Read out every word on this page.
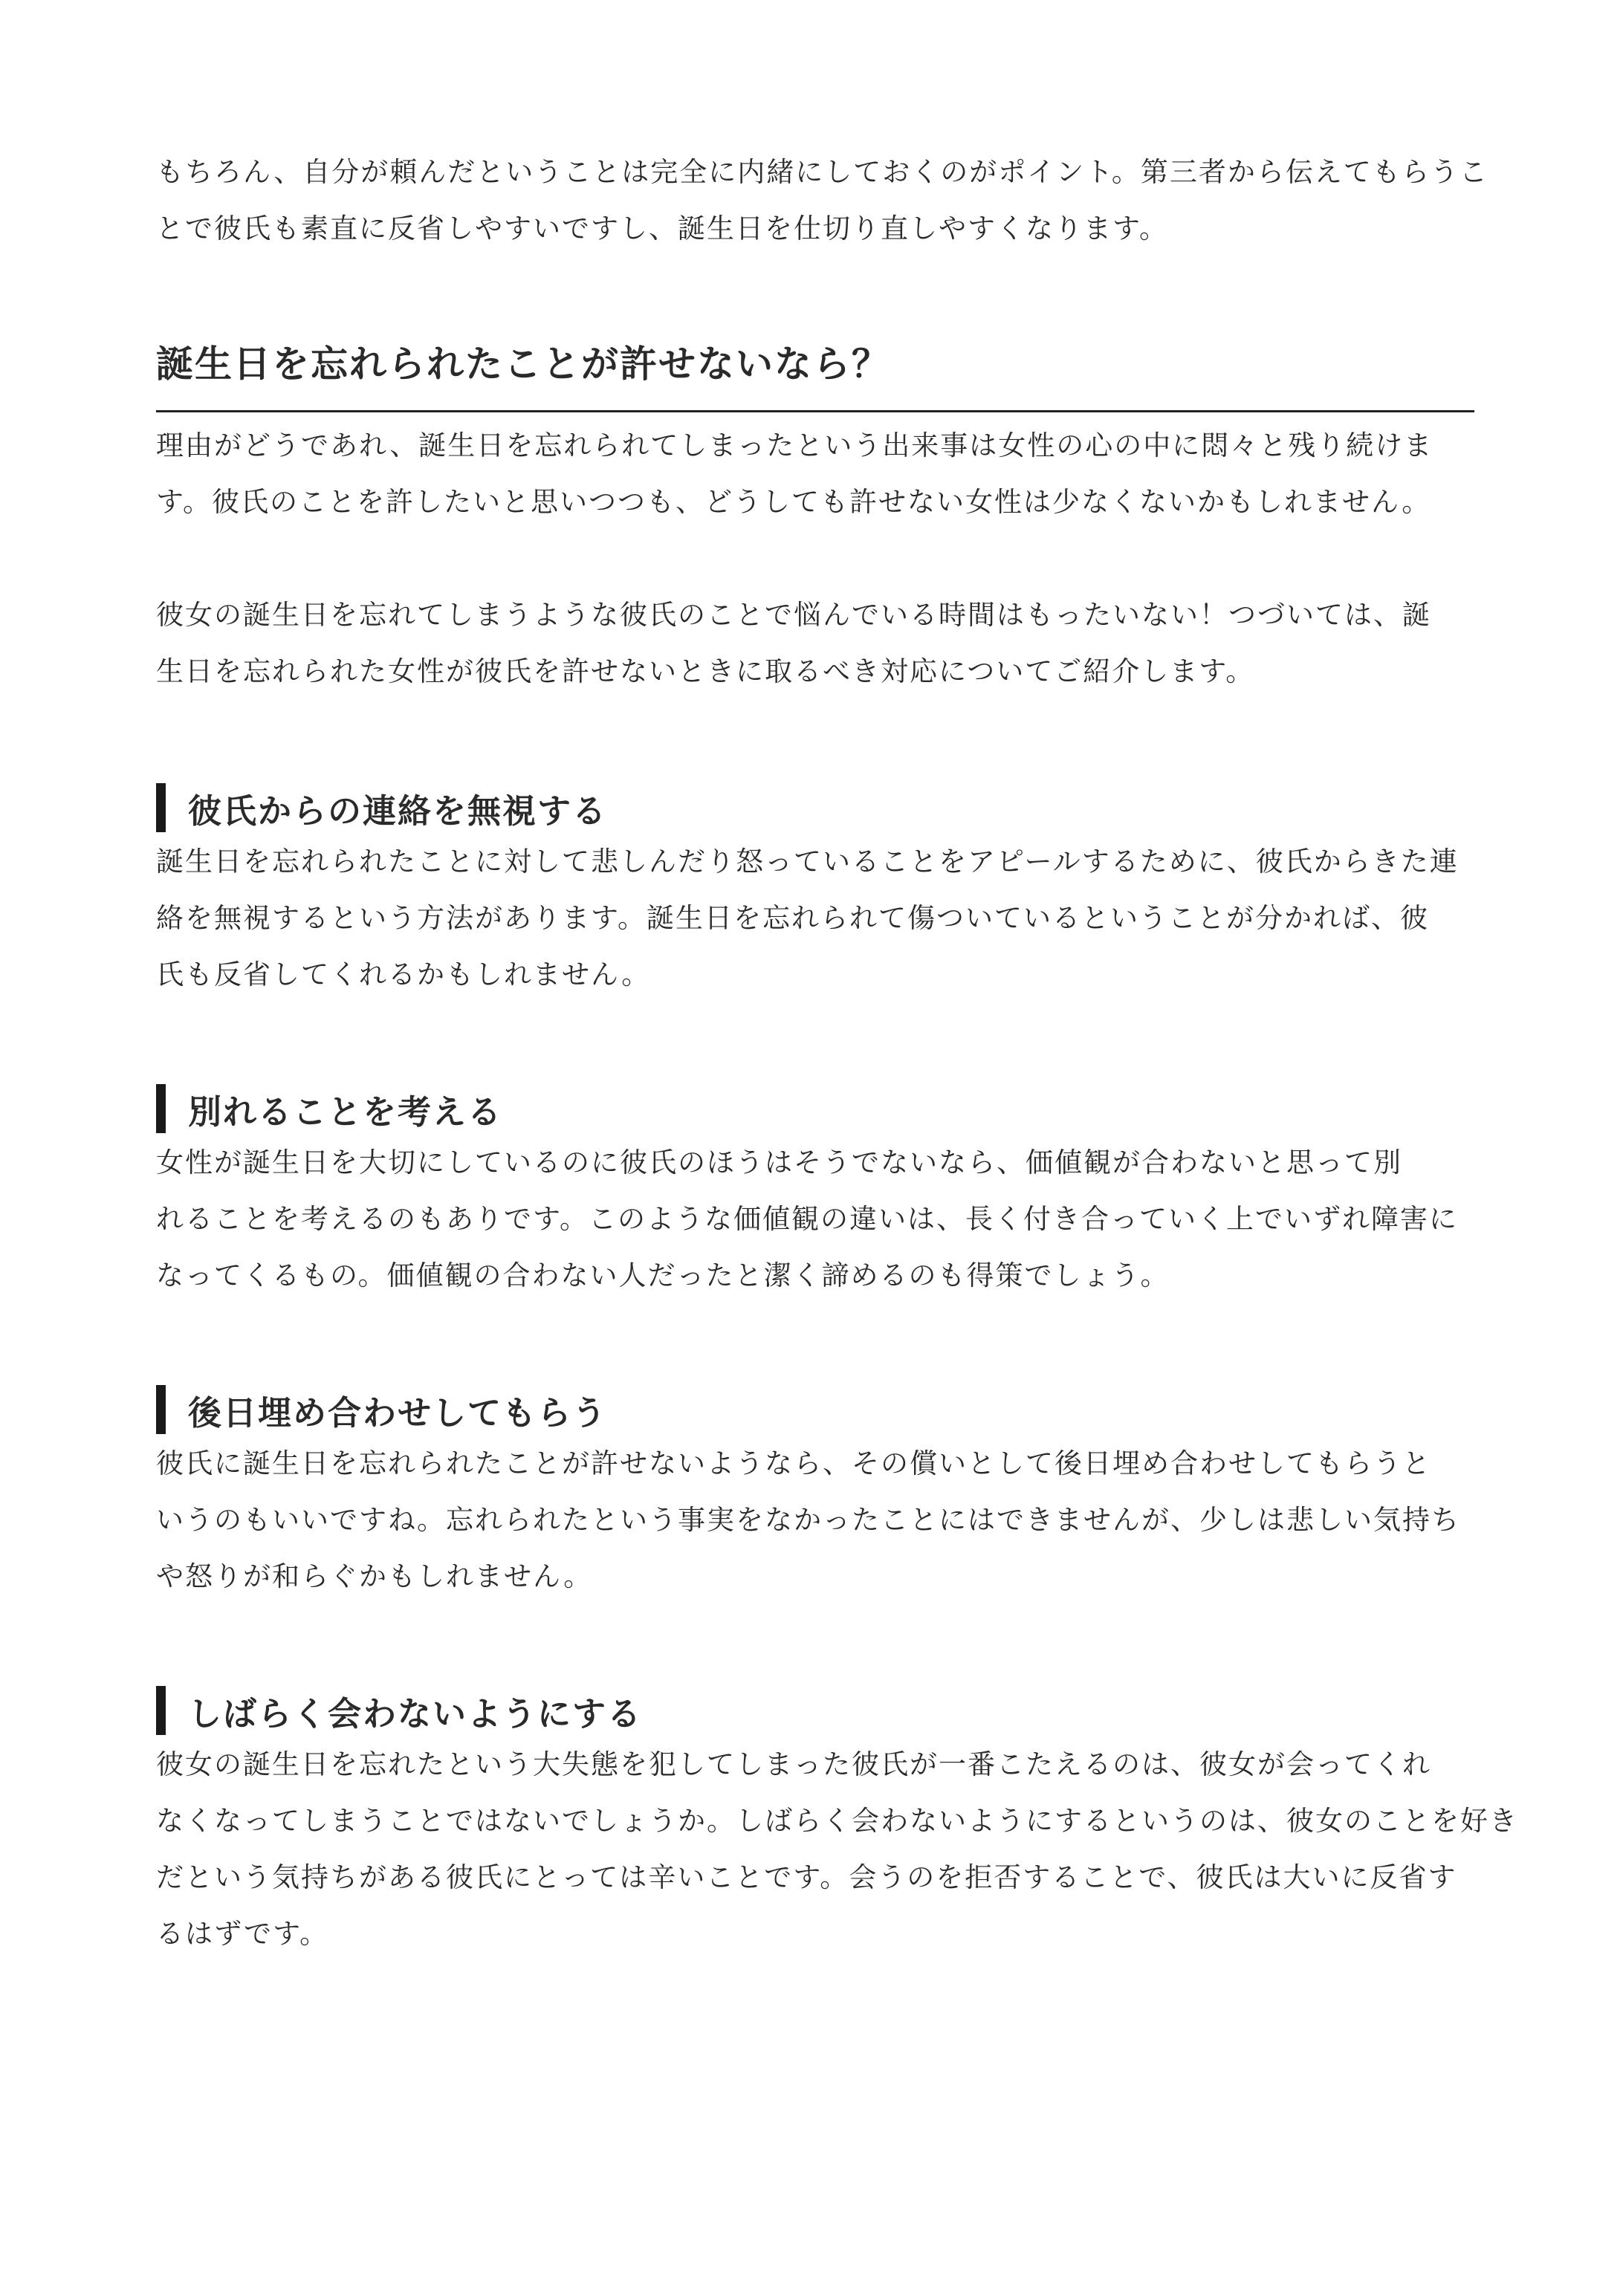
もちろん、自分が頼んだということは完全に内緒にしておくのがポイント。第三者から伝えてもらうこ
とで彼氏も素直に反省しやすいですし、誕生日を仕切り直しやすくなります。

誕生日を忘れられたことが許せないなら？

理由がどうであれ、誕生日を忘れられてしまったという出来事は女性の心の中に悶々と残り続けま
す。彼氏のことを許したいと思いつつも、どうしても許せない女性は少なくないかもしれません。

彼女の誕生日を忘れてしまうような彼氏のことで悩んでいる時間はもったいない！つづいては、誕
生日を忘れられた女性が彼氏を許せないときに取るべき対応についてご紹介します。

彼氏からの連絡を無視する

誕生日を忘れられたことに対して悲しんだり怒っていることをアピールするために、彼氏からきた連
絡を無視するという方法があります。誕生日を忘れられて傷ついているということが分かれば、彼
氏も反省してくれるかもしれません。

別れることを考える

女性が誕生日を大切にしているのに彼氏のほうはそうでないなら、価値観が合わないと思って別
れることを考えるのもありです。このような価値観の違いは、長く付き合っていく上でいずれ障害に
なってくるもの。価値観の合わない人だったと潔く諦めるのも得策でしょう。

後日埋め合わせしてもらう

彼氏に誕生日を忘れられたことが許せないようなら、その償いとして後日埋め合わせしてもらうと
いうのもいいですね。忘れられたという事実をなかったことにはできませんが、少しは悲しい気持ち
や怒りが和らぐかもしれません。

しばらく会わないようにする

彼女の誕生日を忘れたという大失態を犯してしまった彼氏が一番こたえるのは、彼女が会ってくれ
なくなってしまうことではないでしょうか。しばらく会わないようにするというのは、彼女のことを好き
だという気持ちがある彼氏にとっては辛いことです。会うのを拒否することで、彼氏は大いに反省す
るはずです。
